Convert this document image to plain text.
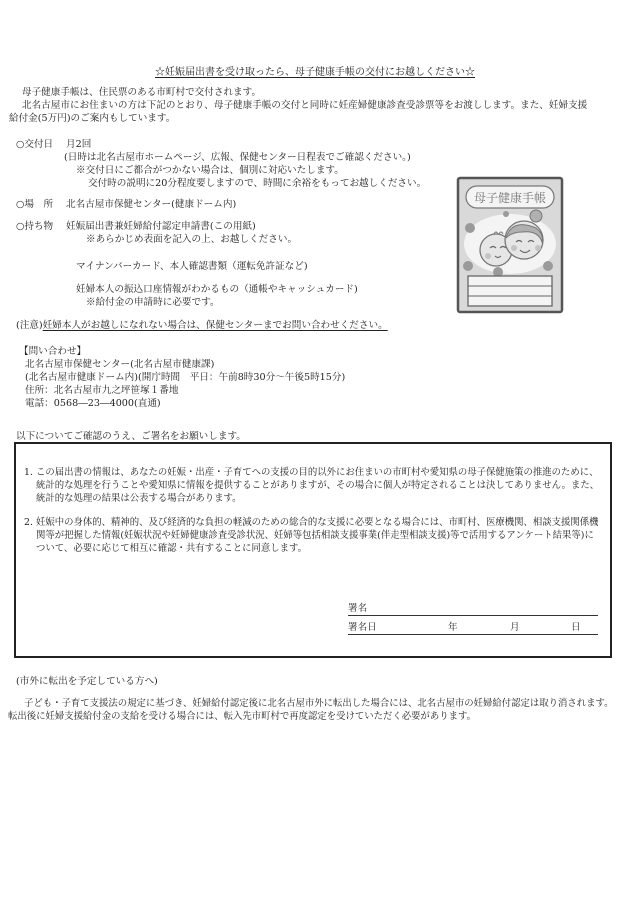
☆妊娠届出書を受け取ったら、母子健康手帳の交付にお越しください☆
母子健康手帳は、住民票のある市町村で交付されます。
北名古屋市にお住まいの方は下記のとおり、母子健康手帳の交付と同時に妊産婦健康診査受診票等をお渡しします。また、妊婦支援
給付金(5万円)のご案内もしています。
○交付日 月2回
(日時は北名古屋市ホームページ、広報、保健センター日程表でご確認ください。)
※交付日にご都合がつかない場合は、個別に対応いたします。
交付時の説明に20分程度要しますので、時間に余裕をもってお越しください。
○場　所 北名古屋市保健センター(健康ドーム内)
○持ち物 妊娠届出書兼妊婦給付認定申請書(この用紙)
※あらかじめ表面を記入の上、お越しください。
マイナンバーカード、本人確認書類（運転免許証など)
妊婦本人の振込口座情報がわかるもの（通帳やキャッシュカード)
※給付金の申請時に必要です。
(注意)妊婦本人がお越しになれない場合は、保健センターまでお問い合わせください。
母子健康手帳
【問い合わせ】
北名古屋市保健センター(北名古屋市健康課)
(北名古屋市健康ドーム内)(開庁時間　平日：午前8時30分～午後5時15分)
住所：北名古屋市九之坪笹塚１番地
電話：0568―23―4000(直通)
以下についてご確認のうえ、ご署名をお願いします。
1. この届出書の情報は、あなたの妊娠・出産・子育てへの支援の目的以外にお住まいの市町村や愛知県の母子保健施策の推進のために、統計的な処理を行うことや愛知県に情報を提供することがありますが、その場合に個人が特定されることは決してありません。また、統計的な処理の結果は公表する場合があります。
2. 妊娠中の身体的、精神的、及び経済的な負担の軽減のための総合的な支援に必要となる場合には、市町村、医療機関、相談支援関係機関等が把握した情報(妊娠状況や妊婦健康診査受診状況、妊婦等包括相談支援事業(伴走型相談支援)等で活用するアンケート結果等)について、必要に応じて相互に確認・共有することに同意します。
署名
署名日	年	月	日
(市外に転出を予定している方へ)
子ども・子育て支援法の規定に基づき、妊婦給付認定後に北名古屋市外に転出した場合には、北名古屋市の妊婦給付認定は取り消されます。転出後に妊婦支援給付金の支給を受ける場合には、転入先市町村で再度認定を受けていただく必要があります。
